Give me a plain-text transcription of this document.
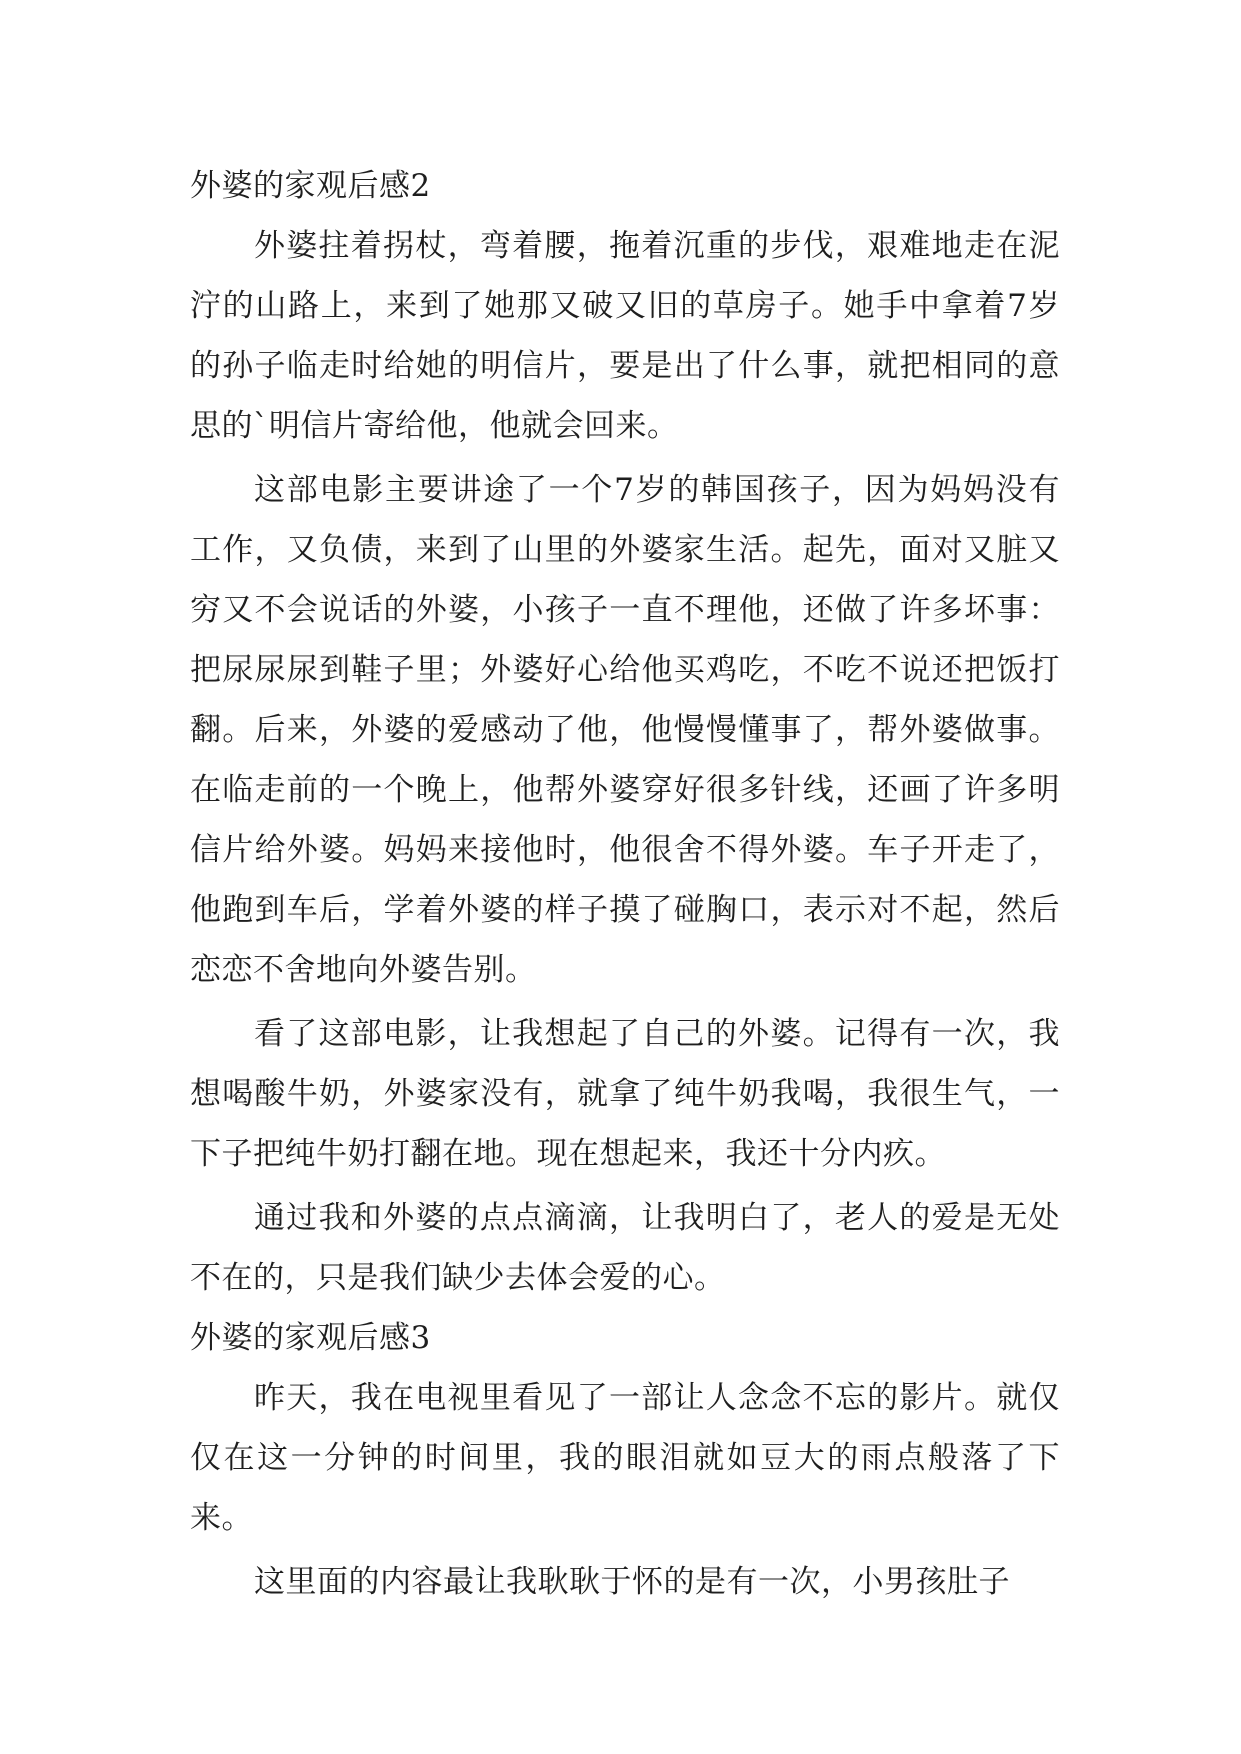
外婆的家观后感2

外婆拄着拐杖，弯着腰，拖着沉重的步伐，艰难地走在泥泞的山路上，来到了她那又破又旧的草房子。她手中拿着7岁的孙子临走时给她的明信片，要是出了什么事，就把相同的意思的`明信片寄给他，他就会回来。

这部电影主要讲途了一个7岁的韩国孩子，因为妈妈没有工作，又负债，来到了山里的外婆家生活。起先，面对又脏又穷又不会说话的外婆，小孩子一直不理他，还做了许多坏事：把尿尿尿到鞋子里；外婆好心给他买鸡吃，不吃不说还把饭打翻。后来，外婆的爱感动了他，他慢慢懂事了，帮外婆做事。在临走前的一个晚上，他帮外婆穿好很多针线，还画了许多明信片给外婆。妈妈来接他时，他很舍不得外婆。车子开走了，他跑到车后，学着外婆的样子摸了碰胸口，表示对不起，然后恋恋不舍地向外婆告别。

看了这部电影，让我想起了自己的外婆。记得有一次，我想喝酸牛奶，外婆家没有，就拿了纯牛奶我喝，我很生气，一下子把纯牛奶打翻在地。现在想起来，我还十分内疚。

通过我和外婆的点点滴滴，让我明白了，老人的爱是无处不在的，只是我们缺少去体会爱的心。

外婆的家观后感3

昨天，我在电视里看见了一部让人念念不忘的影片。就仅仅在这一分钟的时间里，我的眼泪就如豆大的雨点般落了下来。

这里面的内容最让我耿耿于怀的是有一次，小男孩肚子
